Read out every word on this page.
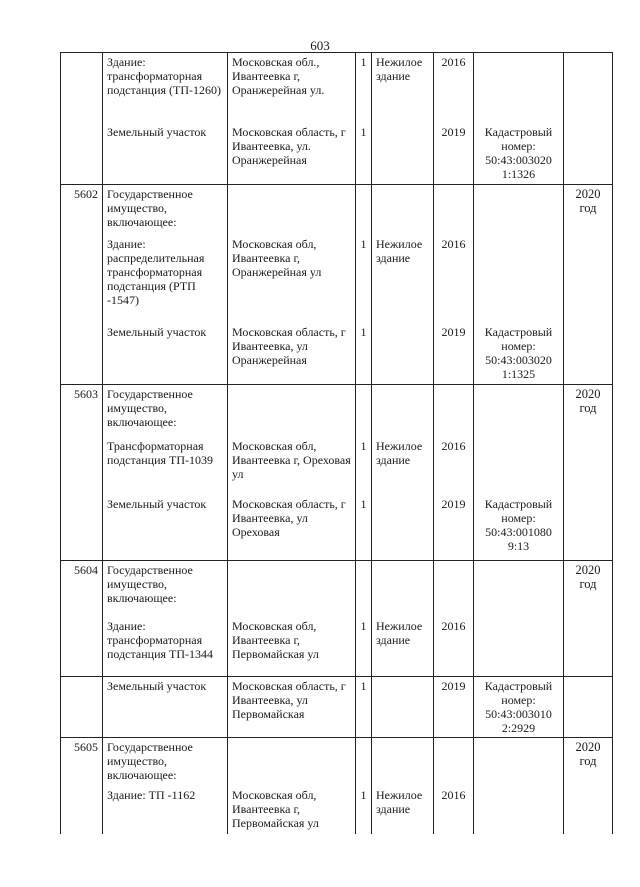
603
	Здание: трансформаторная подстанция (ТП-1260)	Московская обл., Ивантеевка г, Оранжерейная ул.	1	Нежилое здание	2016		
	Земельный участок	Московская область, г Ивантеевка, ул. Оранжерейная	1		2019	Кадастровый номер: 50:43:003020 1:1326	
5602	Государственное имущество, включающее:						2020 год
	Здание: распределительная трансформаторная подстанция (РТП -1547)	Московская обл, Ивантеевка г, Оранжерейная ул	1	Нежилое здание	2016		
	Земельный участок	Московская область, г Ивантеевка, ул Оранжерейная	1		2019	Кадастровый номер: 50:43:003020 1:1325	
5603	Государственное имущество, включающее:						2020 год
	Трансформаторная подстанция ТП-1039	Московская обл, Ивантеевка г, Ореховая ул	1	Нежилое здание	2016		
	Земельный участок	Московская область, г Ивантеевка, ул Ореховая	1		2019	Кадастровый номер: 50:43:001080 9:13	
5604	Государственное имущество, включающее:						2020 год
	Здание: трансформаторная подстанция ТП-1344	Московская обл, Ивантеевка г, Первомайская ул	1	Нежилое здание	2016		
	Земельный участок	Московская область, г Ивантеевка, ул Первомайская	1		2019	Кадастровый номер: 50:43:003010 2:2929	
5605	Государственное имущество, включающее:						2020 год
	Здание: ТП -1162	Московская обл, Ивантеевка г, Первомайская ул	1	Нежилое здание	2016		
